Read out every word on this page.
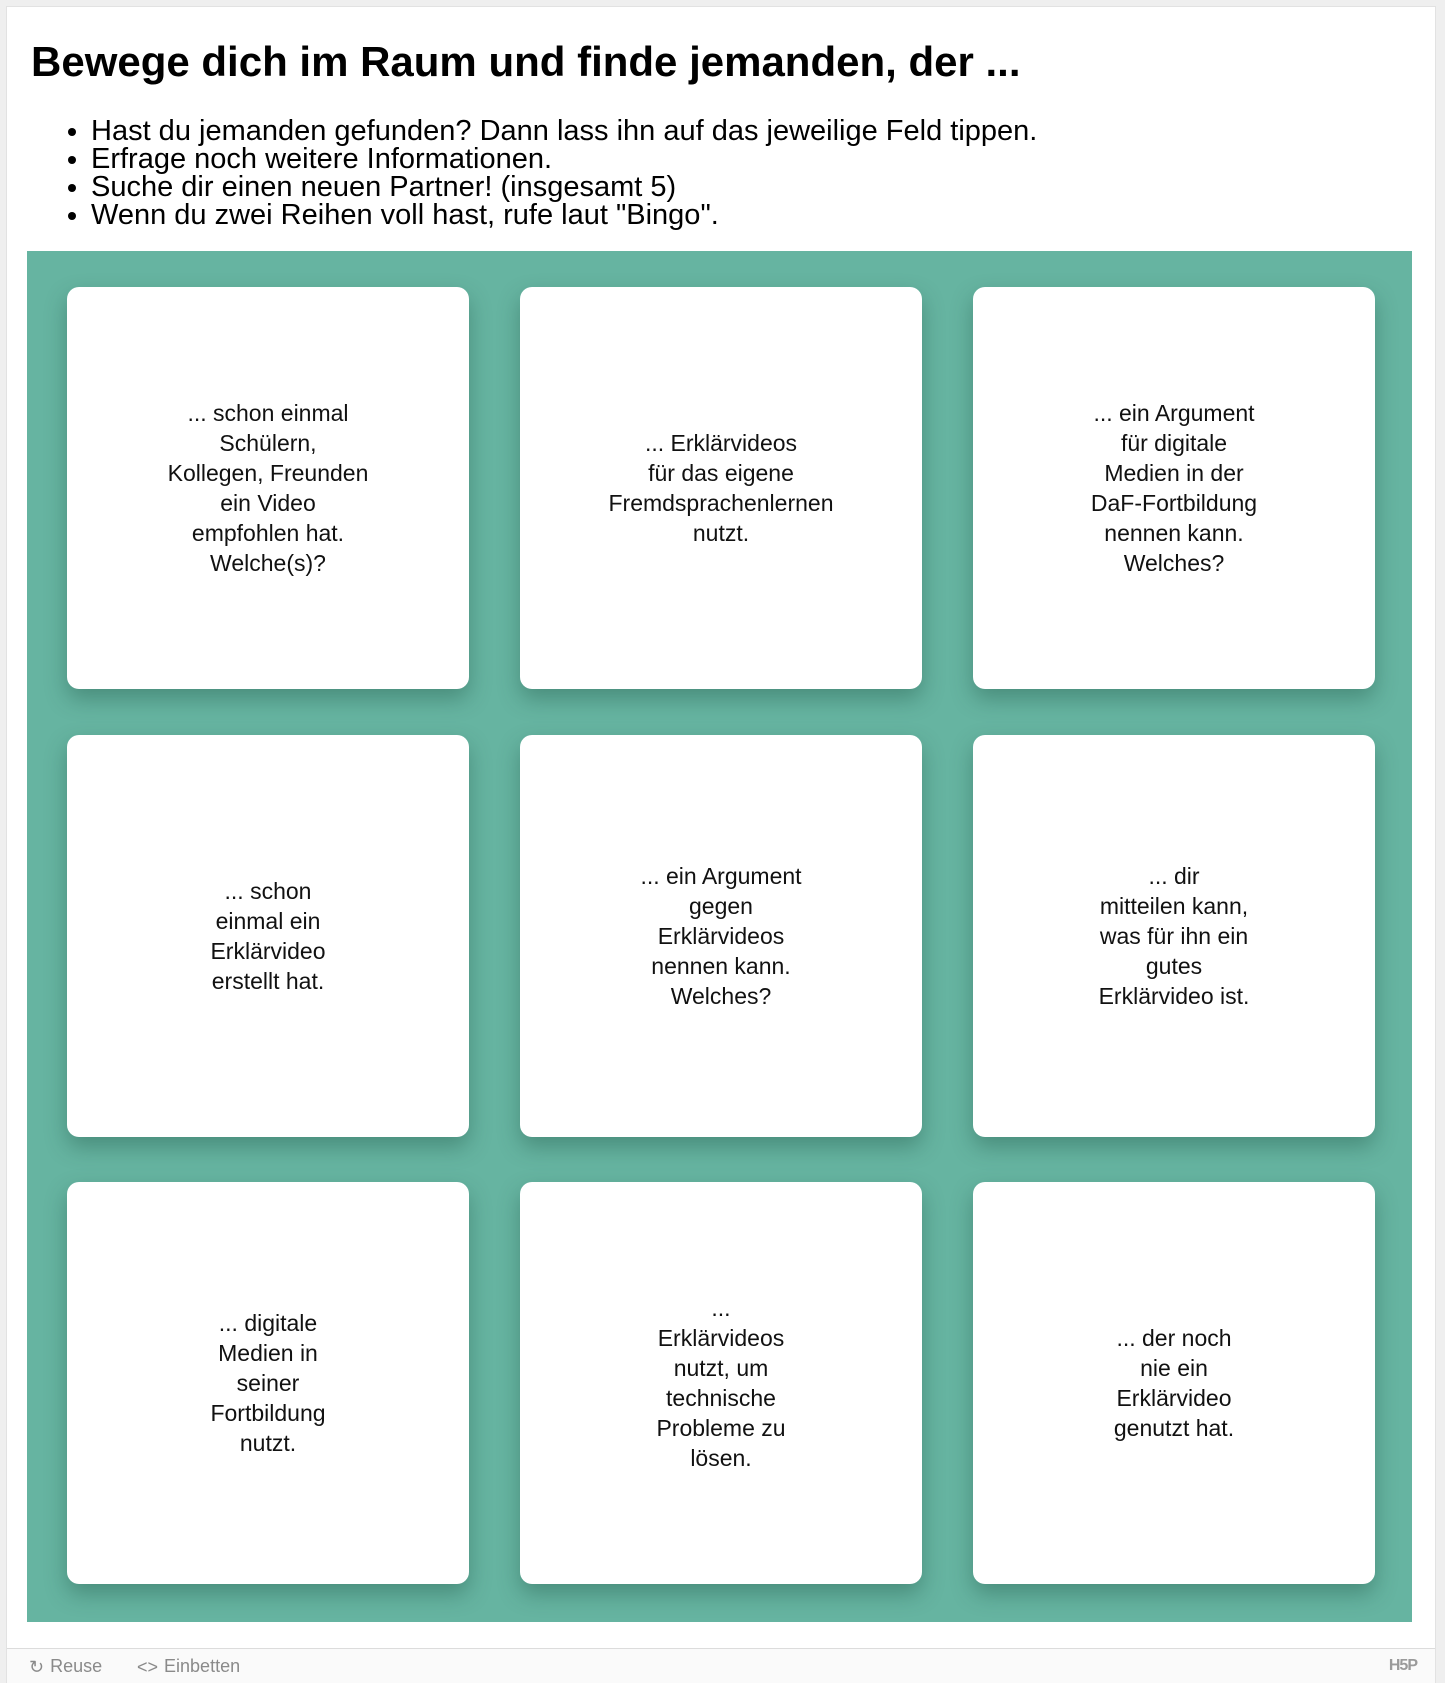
Bewege dich im Raum und finde jemanden, der ...
• Hast du jemanden gefunden? Dann lass ihn auf das jeweilige Feld tippen.
• Erfrage noch weitere Informationen.
• Suche dir einen neuen Partner! (insgesamt 5)
• Wenn du zwei Reihen voll hast, rufe laut "Bingo".
... schon einmal
Schülern,
Kollegen, Freunden
ein Video
empfohlen hat.
Welche(s)?
... Erklärvideos
für das eigene
Fremdsprachenlernen
nutzt.
... ein Argument
für digitale
Medien in der
DaF-Fortbildung
nennen kann.
Welches?
... schon
einmal ein
Erklärvideo
erstellt hat.
... ein Argument
gegen
Erklärvideos
nennen kann.
Welches?
... dir
mitteilen kann,
was für ihn ein
gutes
Erklärvideo ist.
... digitale
Medien in
seiner
Fortbildung
nutzt.
...
Erklärvideos
nutzt, um
technische
Probleme zu
lösen.
... der noch
nie ein
Erklärvideo
genutzt hat.
↻ Reuse <> Einbetten	H5P
